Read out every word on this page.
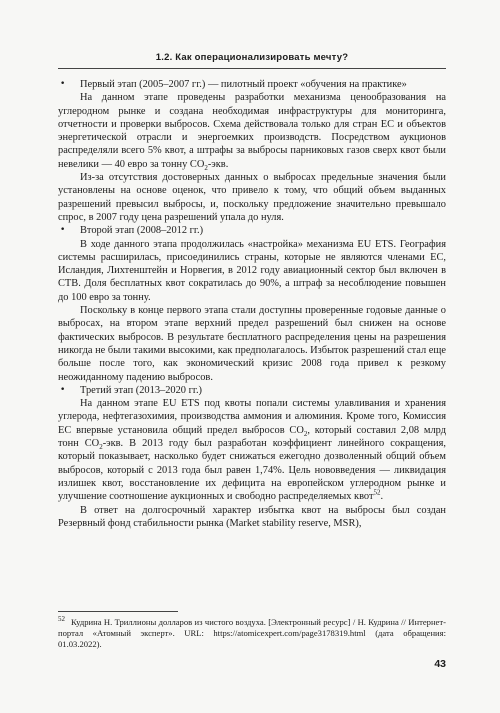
1.2. Как операционализировать мечту?

• Первый этап (2005–2007 гг.) — пилотный проект «обучения на практике»

На данном этапе проведены разработки механизма ценообразования на углеродном рынке и создана необходимая инфраструктуры для мониторинга, отчетности и проверки выбросов. Схема действовала только для стран ЕС и объектов энергетической отрасли и энергоемких производств. Посредством аукционов распределяли всего 5% квот, а штрафы за выбросы парниковых газов сверх квот были невелики — 40 евро за тонну $CO_2$-экв.

Из-за отсутствия достоверных данных о выбросах предельные значения были установлены на основе оценок, что привело к тому, что общий объем выданных разрешений превысил выбросы, и, поскольку предложение значительно превышало спрос, в 2007 году цена разрешений упала до нуля.

• Второй этап (2008–2012 гг.)

В ходе данного этапа продолжилась «настройка» механизма EU ETS. География системы расширилась, присоединились страны, которые не являются членами ЕС, Исландия, Лихтенштейн и Норвегия, в 2012 году авиационный сектор был включен в СТВ. Доля бесплатных квот сократилась до 90%, а штраф за несоблюдение повышен до 100 евро за тонну.

Поскольку в конце первого этапа стали доступны проверенные годовые данные о выбросах, на втором этапе верхний предел разрешений был снижен на основе фактических выбросов. В результате бесплатного распределения цены на разрешения никогда не были такими высокими, как предполагалось. Избыток разрешений стал еще больше после того, как экономический кризис 2008 года привел к резкому неожиданному падению выбросов.

• Третий этап (2013–2020 гг.)

На данном этапе EU ETS под квоты попали системы улавливания и хранения углерода, нефтегазохимия, производства аммония и алюминия. Кроме того, Комиссия ЕС впервые установила общий предел выбросов $CO_2$, который составил 2,08 млрд тонн $CO_2$-экв. В 2013 году был разработан коэффициент линейного сокращения, который показывает, насколько будет снижаться ежегодно дозволенный общий объем выбросов, который с 2013 года был равен 1,74%. Цель нововведения — ликвидация излишек квот, восстановление их дефицита на европейском углеродном рынке и улучшение соотношение аукционных и свободно распределяемых квот$^{52}$.

В ответ на долгосрочный характер избытка квот на выбросы был создан Резервный фонд стабильности рынка (Market stability reserve, MSR),

$^{52}$ Кудрина Н. Триллионы долларов из чистого воздуха. [Электронный ресурс] / Н. Кудрина // Интернет-портал «Атомный эксперт». URL: https://atomicexpert.com/page3178319.html (дата обращения: 01.03.2022).
43
